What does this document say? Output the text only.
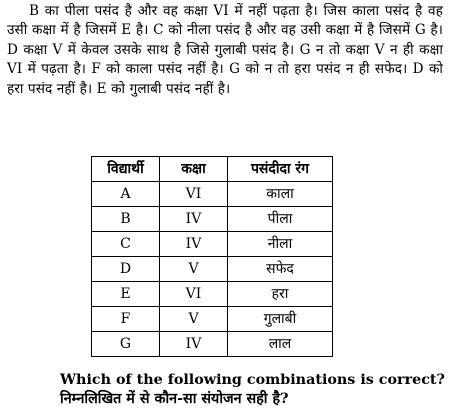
B का पीला पसंद है और वह कक्षा VI में नहीं पढ़ता है। जिस काला पसंद है वह उसी कक्षा में है जिसमें E है। C को नीला पसंद है और वह उसी कक्षा में है जिसमें G है। D कक्षा V में केवल उसके साथ है जिसे गुलाबी पसंद है। G न तो कक्षा V न ही कक्षा VI में पढ़ता है। F को काला पसंद नहीं है। G को न तो हरा पसंद न ही सफेद। D को हरा पसंद नहीं है। E को गुलाबी पसंद नहीं है।

विद्यार्थी	कक्षा	पसंदीदा रंग
A	VI	काला
B	IV	पीला
C	IV	नीला
D	V	सफेद
E	VI	हरा
F	V	गुलाबी
G	IV	लाल
Which of the following combinations is correct?
निम्नलिखित में से कौन-सा संयोजन सही है?
